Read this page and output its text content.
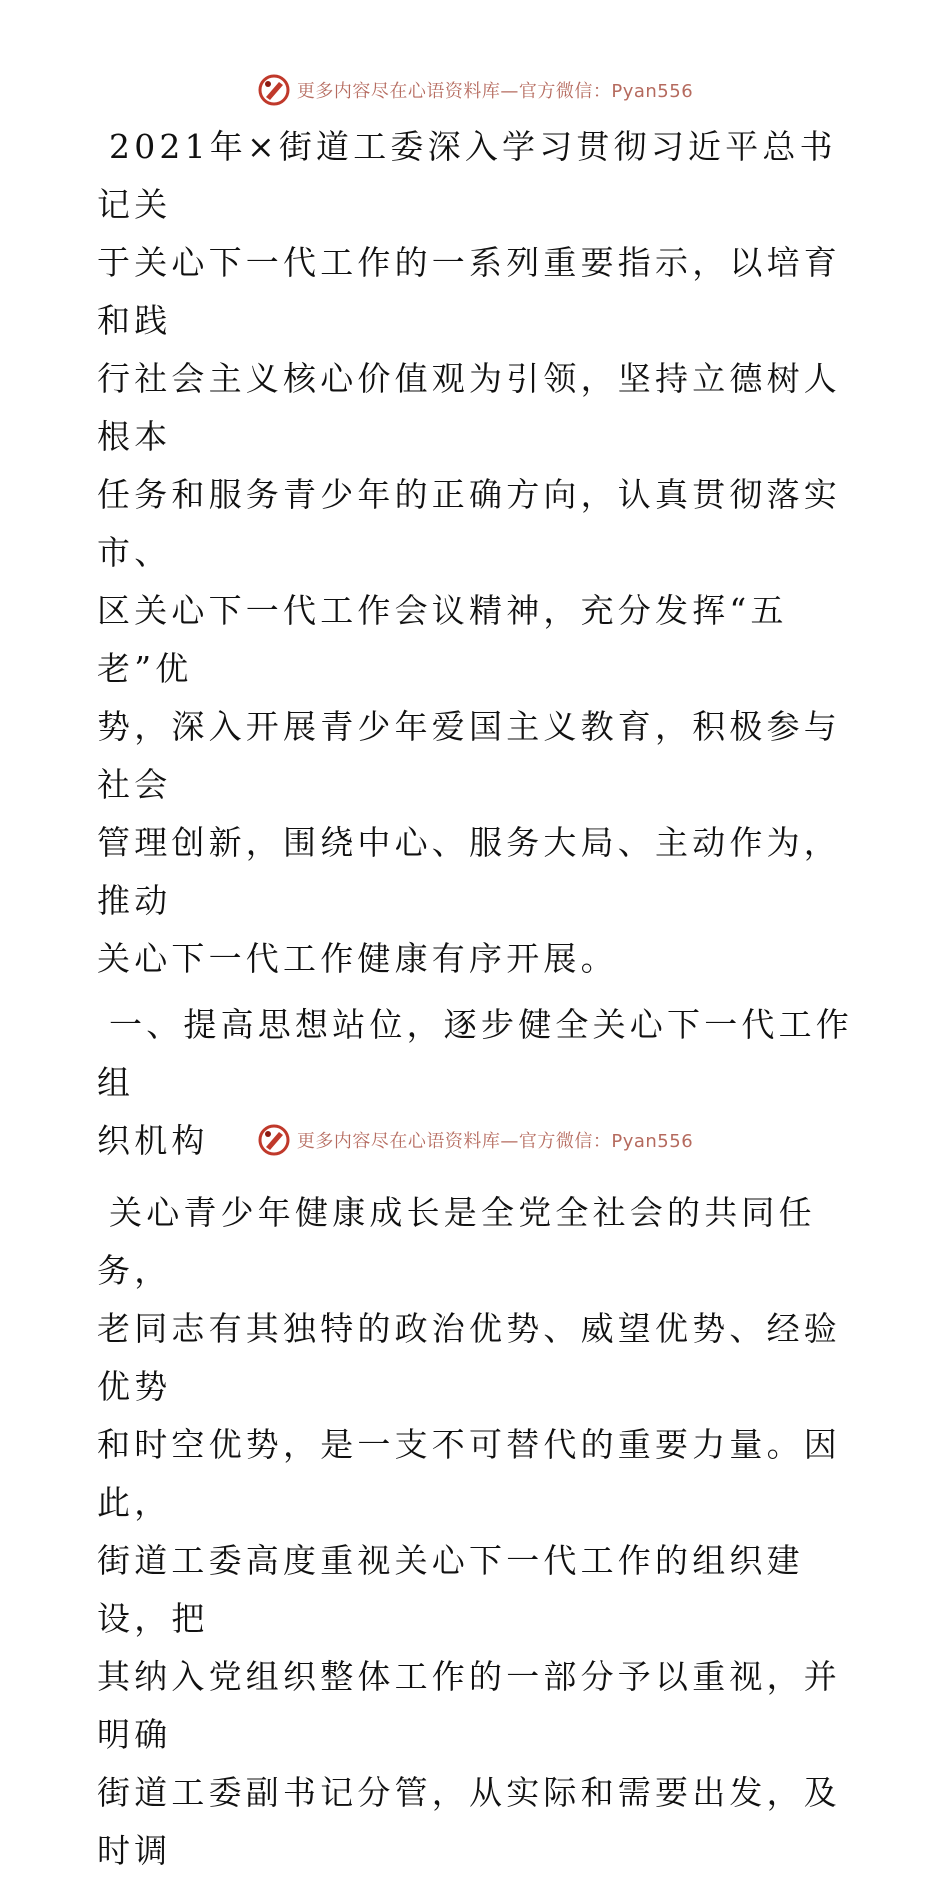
更多内容尽在心语资料库—官方微信：Pyan556
2021年×街道工委深入学习贯彻习近平总书记关
于关心下一代工作的一系列重要指示，以培育和践
行社会主义核心价值观为引领，坚持立德树人根本
任务和服务青少年的正确方向，认真贯彻落实市、
区关心下一代工作会议精神，充分发挥“五老”优
势，深入开展青少年爱国主义教育，积极参与社会
管理创新，围绕中心、服务大局、主动作为，推动
关心下一代工作健康有序开展。
一、提高思想站位，逐步健全关心下一代工作组
织机构
关心青少年健康成长是全党全社会的共同任务，
老同志有其独特的政治优势、威望优势、经验优势
和时空优势，是一支不可替代的重要力量。因此，
街道工委高度重视关心下一代工作的组织建设，把
其纳入党组织整体工作的一部分予以重视，并明确
街道工委副书记分管，从实际和需要出发，及时调
更多内容尽在心语资料库—官方微信：Pyan556
